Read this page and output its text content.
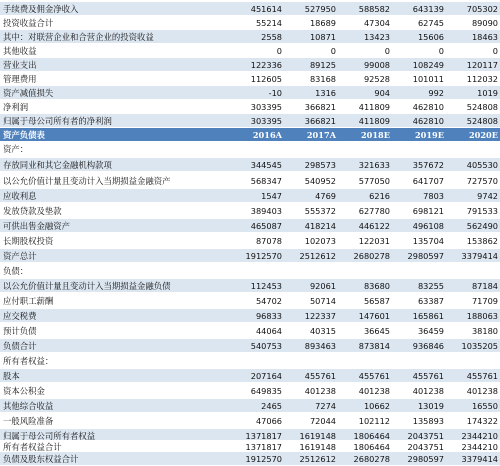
手续费及佣金净收入	451614	527950	588582	643139	705302
投资收益合计	55214	18689	47304	62745	89090
其中：对联营企业和合营企业的投资收益	2558	10871	13423	15606	18463
其他收益	0	0	0	0	0
营业支出	122336	89125	99008	108249	120117
管理费用	112605	83168	92528	101011	112032
资产减值损失	-10	1316	904	992	1019
净利润	303395	366821	411809	462810	524808
归属于母公司所有者的净利润	303395	366821	411809	462810	524808
资产负债表	2016A	2017A	2018E	2019E	2020E
资产：
存放同业和其它金融机构款项	344545	298573	321633	357672	405530
以公允价值计量且变动计入当期损益金融资产	568347	540952	577050	641707	727570
应收利息	1547	4769	6216	7803	9742
发放贷款及垫款	389403	555372	627780	698121	791533
可供出售金融资产	465087	418214	446122	496108	562490
长期股权投资	87078	102073	122031	135704	153862
资产总计	1912570	2512612	2680278	2980597	3379414
负债：
以公允价值计量且变动计入当期损益金融负债	112453	92061	83680	83255	87184
应付职工薪酬	54702	50714	56587	63387	71709
应交税费	96833	122337	147601	165861	188063
预计负债	44064	40315	36645	36459	38180
负债合计	540753	893463	873814	936846	1035205
所有者权益：
股本	207164	455761	455761	455761	455761
资本公积金	649835	401238	401238	401238	401238
其他综合收益	2465	7274	10662	13019	16550
一般风险准备	47066	72044	102112	135893	174322
归属于母公司所有者权益	1371817	1619148	1806464	2043751	2344210
所有者权益合计	1371817	1619148	1806464	2043751	2344210
负债及股东权益合计	1912570	2512612	2680278	2980597	3379414
